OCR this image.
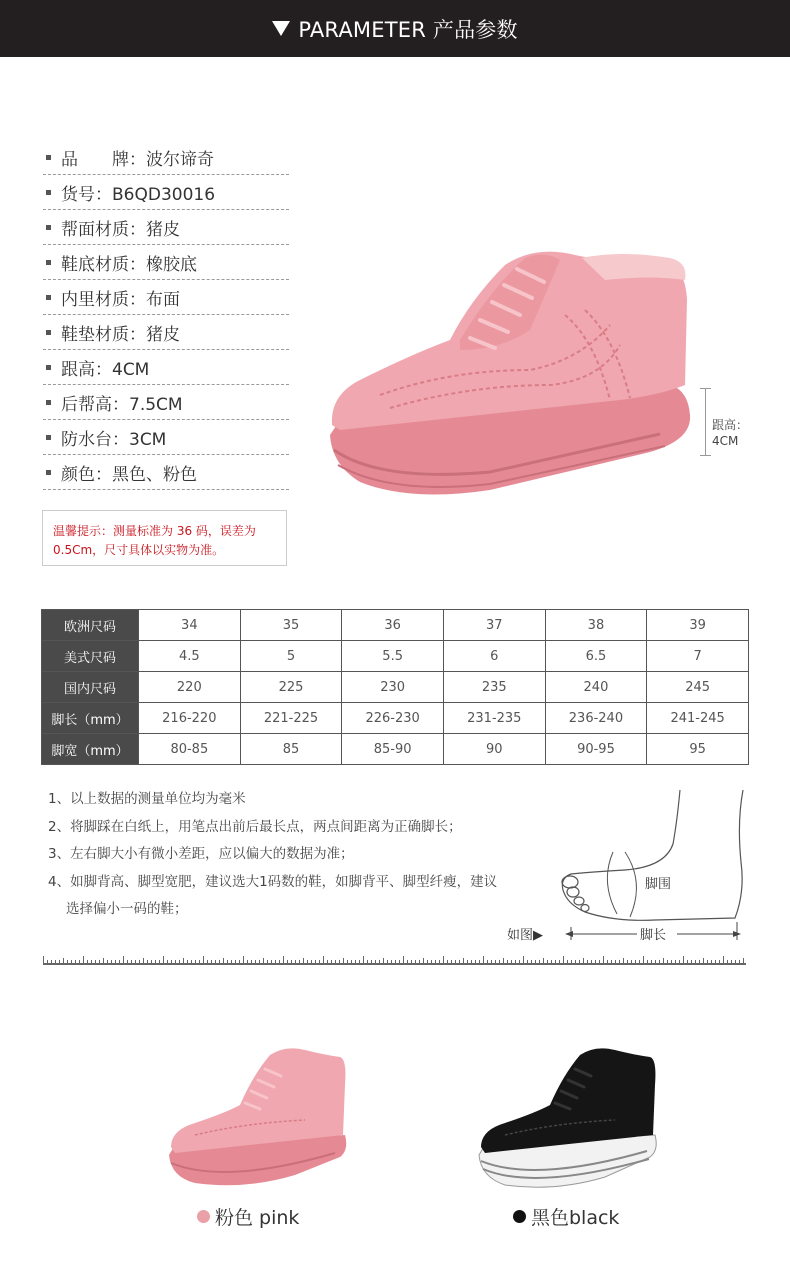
PARAMETER 产品参数
品　　牌：波尔谛奇
货号：B6QD30016
帮面材质：猪皮
鞋底材质：橡胶底
内里材质：布面
鞋垫材质：猪皮
跟高：4CM
后帮高：7.5CM
防水台：3CM
颜色：黑色、粉色
温馨提示：测量标准为 36 码，误差为 0.5Cm，尺寸具体以实物为准。
跟高：
4CM
欧洲尺码	34	35	36	37	38	39
美式尺码	4.5	5	5.5	6	6.5	7
国内尺码	220	225	230	235	240	245
脚长（mm）	216-220	221-225	226-230	231-235	236-240	241-245
脚宽（mm）	80-85	85	85-90	90	90-95	95
1、以上数据的测量单位均为毫米
2、将脚踩在白纸上，用笔点出前后最长点，两点间距离为正确脚长；
3、左右脚大小有微小差距，应以偏大的数据为准；
4、如脚背高、脚型宽肥，建议选大1码数的鞋，如脚背平、脚型纤瘦，建议
选择偏小一码的鞋；
脚围
脚长
如图▶
粉色 pink	黑色black
